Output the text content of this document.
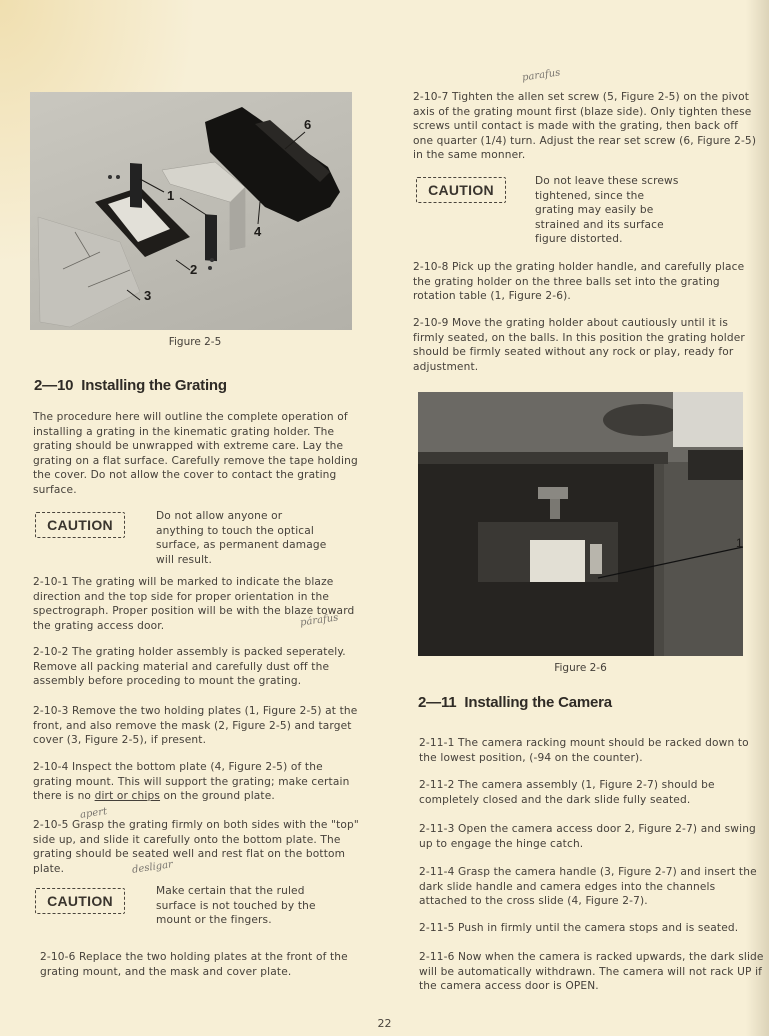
1
2
3
4
6
Figure 2-5
2—10 Installing the Grating

The procedure here will outline the complete operation of installing a grating in the kinematic grating holder. The grating should be unwrapped with extreme care. Lay the grating on a flat surface. Carefully remove the tape holding the cover. Do not allow the cover to contact the grating surface.

CAUTION

Do not allow anyone or anything to touch the optical surface, as permanent damage will result.

2-10-1 The grating will be marked to indicate the blaze direction and the top side for proper orientation in the spectrograph. Proper position will be with the blaze toward the grating access door.	párafus

2-10-2 The grating holder assembly is packed seperately. Remove all packing material and carefully dust off the assembly before proceding to mount the grating.

2-10-3 Remove the two holding plates (1, Figure 2-5) at the front, and also remove the mask (2, Figure 2-5) and target cover (3, Figure 2-5), if present.

2-10-4 Inspect the bottom plate (4, Figure 2-5) of the grating mount. This will support the grating; make certain there is no dirt or chips on the ground plate.

apert

2-10-5 Grasp the grating firmly on both sides with the "top" side up, and slide it carefully onto the bottom plate. The grating should be seated well and rest flat on the bottom plate.	desligar
CAUTION

Make certain that the ruled surface is not touched by the mount or the fingers.

2-10-6 Replace the two holding plates at the front of the grating mount, and the mask and cover plate.

parafus

2-10-7 Tighten the allen set screw (5, Figure 2-5) on the pivot axis of the grating mount first (blaze side). Only tighten these screws until contact is made with the grating, then back off one quarter (1/4) turn. Adjust the rear set screw (6, Figure 2-5) in the same monner.

CAUTION

Do not leave these screws tightened, since the grating may easily be strained and its surface figure distorted.

2-10-8 Pick up the grating holder handle, and carefully place the grating holder on the three balls set into the grating rotation table (1, Figure 2-6).

2-10-9 Move the grating holder about cautiously until it is firmly seated, on the balls. In this position the grating holder should be firmly seated without any rock or play, ready for adjustment.

1
Figure 2-6
2—11 Installing the Camera

2-11-1 The camera racking mount should be racked down to the lowest position, (-94 on the counter).

2-11-2 The camera assembly (1, Figure 2-7) should be completely closed and the dark slide fully seated.

2-11-3 Open the camera access door 2, Figure 2-7) and swing up to engage the hinge catch.

2-11-4 Grasp the camera handle (3, Figure 2-7) and insert the dark slide handle and camera edges into the channels attached to the cross slide (4, Figure 2-7).

2-11-5 Push in firmly until the camera stops and is seated.

2-11-6 Now when the camera is racked upwards, the dark slide will be automatically withdrawn. The camera will not rack UP if the camera access door is OPEN.

22
